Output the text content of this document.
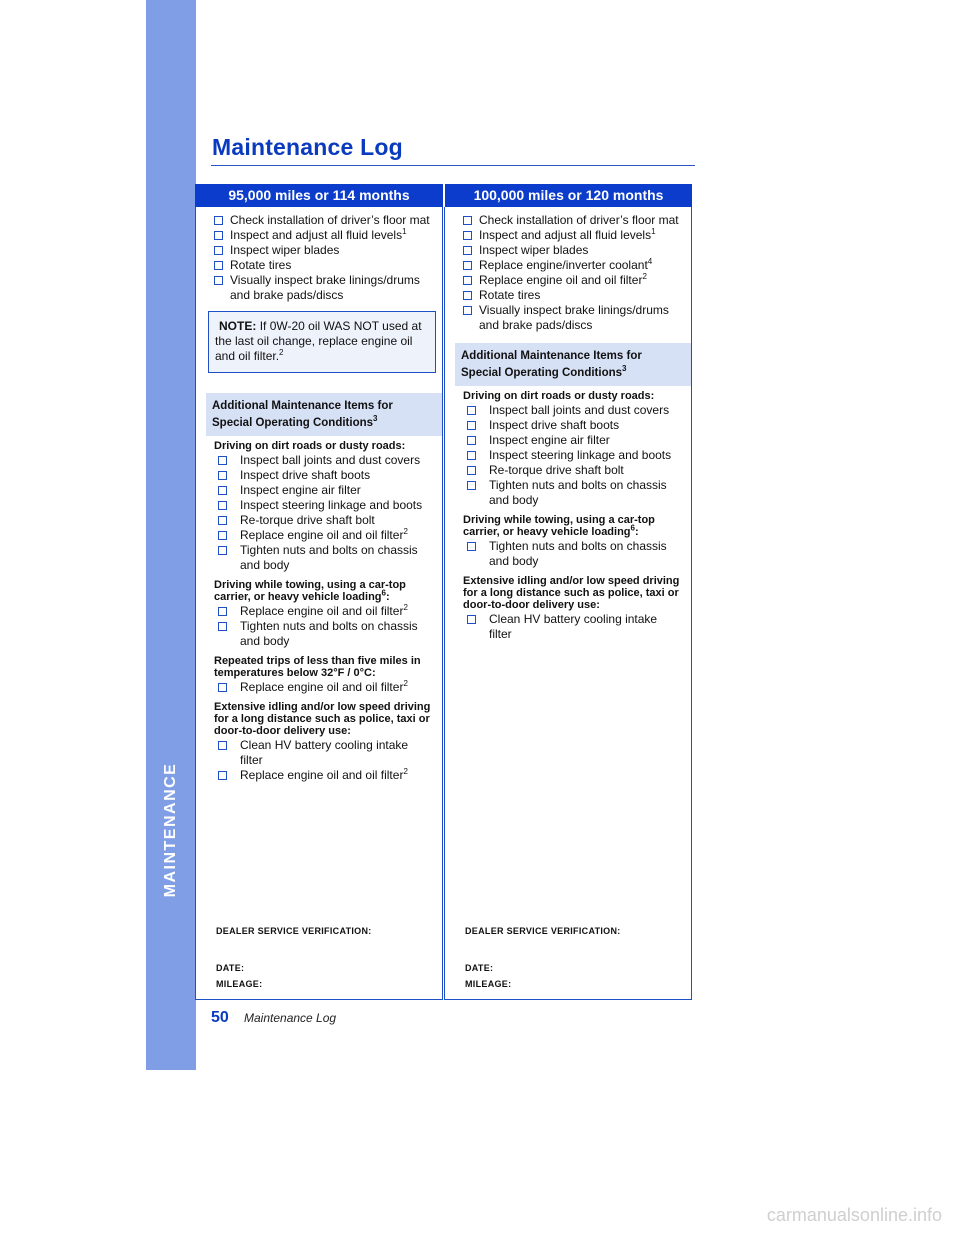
MAINTENANCE
Maintenance Log
95,000 miles or 114 months
Check installation of driver’s floor mat
Inspect and adjust all fluid levels$^1$
Inspect wiper blades
Rotate tires
Visually inspect brake linings/drums and brake pads/discs
NOTE: If 0W-20 oil WAS NOT used at the last oil change, replace engine oil and oil filter.$^2$
Additional Maintenance Items for Special Operating Conditions$^3$
Driving on dirt roads or dusty roads:
Inspect ball joints and dust covers
Inspect drive shaft boots
Inspect engine air filter
Inspect steering linkage and boots
Re-torque drive shaft bolt
Replace engine oil and oil filter$^2$
Tighten nuts and bolts on chassis and body
Driving while towing, using a car-top carrier, or heavy vehicle loading$^6$:
Replace engine oil and oil filter$^2$
Tighten nuts and bolts on chassis and body
Repeated trips of less than five miles in temperatures below 32°F / 0°C:
Replace engine oil and oil filter$^2$
Extensive idling and/or low speed driving for a long distance such as police, taxi or door-to-door delivery use:
Clean HV battery cooling intake filter
Replace engine oil and oil filter$^2$
DEALER SERVICE VERIFICATION:
DATE:
MILEAGE:
100,000 miles or 120 months
Check installation of driver’s floor mat
Inspect and adjust all fluid levels$^1$
Inspect wiper blades
Replace engine/inverter coolant$^4$
Replace engine oil and oil filter$^2$
Rotate tires
Visually inspect brake linings/drums and brake pads/discs
Additional Maintenance Items for Special Operating Conditions$^3$
Driving on dirt roads or dusty roads:
Inspect ball joints and dust covers
Inspect drive shaft boots
Inspect engine air filter
Inspect steering linkage and boots
Re-torque drive shaft bolt
Tighten nuts and bolts on chassis and body
Driving while towing, using a car-top carrier, or heavy vehicle loading$^6$:
Tighten nuts and bolts on chassis and body
Extensive idling and/or low speed driving for a long distance such as police, taxi or door-to-door delivery use:
Clean HV battery cooling intake filter
DEALER SERVICE VERIFICATION:
DATE:
MILEAGE:
50 Maintenance Log
carmanualsonline.info
